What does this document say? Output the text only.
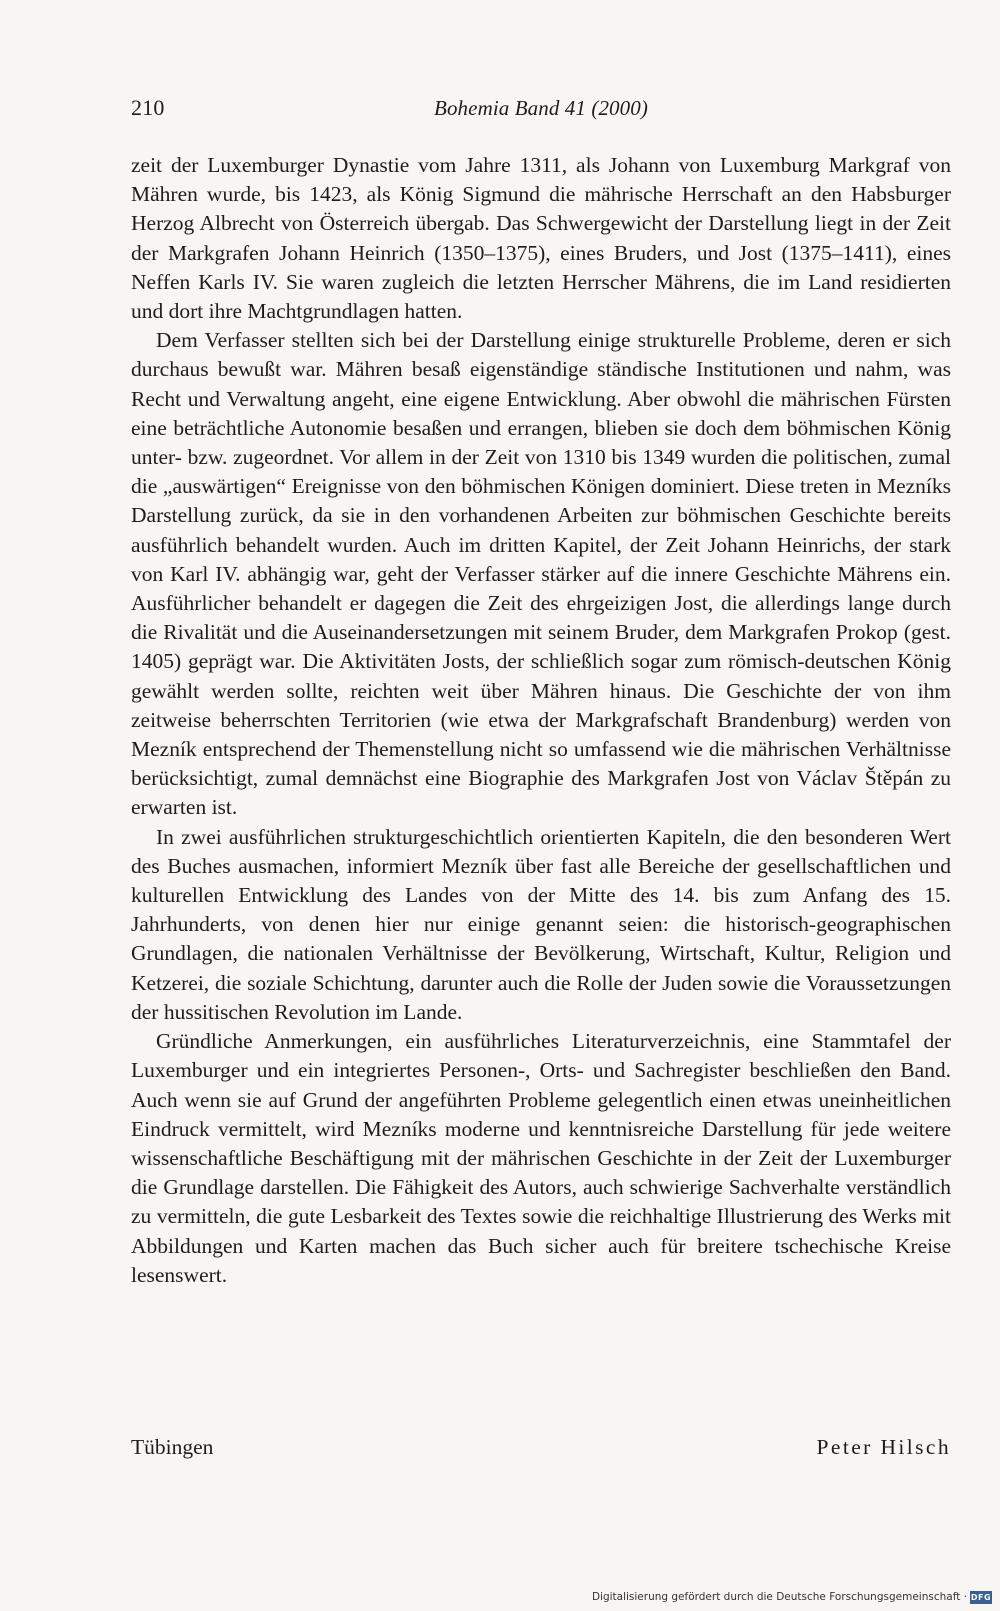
210	Bohemia Band 41 (2000)

zeit der Luxemburger Dynastie vom Jahre 1311, als Johann von Luxemburg Markgraf von Mähren wurde, bis 1423, als König Sigmund die mährische Herrschaft an den Habsburger Herzog Albrecht von Österreich übergab. Das Schwergewicht der Darstellung liegt in der Zeit der Markgrafen Johann Heinrich (1350–1375), eines Bruders, und Jost (1375–1411), eines Neffen Karls IV. Sie waren zugleich die letzten Herrscher Mährens, die im Land residierten und dort ihre Machtgrundlagen hatten.

Dem Verfasser stellten sich bei der Darstellung einige strukturelle Probleme, deren er sich durchaus bewußt war. Mähren besaß eigenständige ständische Institutionen und nahm, was Recht und Verwaltung angeht, eine eigene Entwicklung. Aber obwohl die mährischen Fürsten eine beträchtliche Autonomie besaßen und errangen, blieben sie doch dem böhmischen König unter- bzw. zugeordnet. Vor allem in der Zeit von 1310 bis 1349 wurden die politischen, zumal die „auswärtigen“ Ereignisse von den böhmischen Königen dominiert. Diese treten in Mezníks Darstellung zurück, da sie in den vorhandenen Arbeiten zur böhmischen Geschichte bereits ausführlich behandelt wurden. Auch im dritten Kapitel, der Zeit Johann Heinrichs, der stark von Karl IV. abhängig war, geht der Verfasser stärker auf die innere Geschichte Mährens ein. Ausführlicher behandelt er dagegen die Zeit des ehrgeizigen Jost, die allerdings lange durch die Rivalität und die Auseinandersetzungen mit seinem Bruder, dem Markgrafen Prokop (gest. 1405) geprägt war. Die Aktivitäten Josts, der schließlich sogar zum römisch-deutschen König gewählt werden sollte, reichten weit über Mähren hinaus. Die Geschichte der von ihm zeitweise beherrschten Territorien (wie etwa der Markgrafschaft Brandenburg) werden von Mezník entsprechend der Themenstellung nicht so umfassend wie die mährischen Verhältnisse berücksichtigt, zumal demnächst eine Biographie des Markgrafen Jost von Václav Štěpán zu erwarten ist.

In zwei ausführlichen strukturgeschichtlich orientierten Kapiteln, die den besonderen Wert des Buches ausmachen, informiert Mezník über fast alle Bereiche der gesellschaftlichen und kulturellen Entwicklung des Landes von der Mitte des 14. bis zum Anfang des 15. Jahrhunderts, von denen hier nur einige genannt seien: die historisch-geographischen Grundlagen, die nationalen Verhältnisse der Bevölkerung, Wirtschaft, Kultur, Religion und Ketzerei, die soziale Schichtung, darunter auch die Rolle der Juden sowie die Voraussetzungen der hussitischen Revolution im Lande.

Gründliche Anmerkungen, ein ausführliches Literaturverzeichnis, eine Stammtafel der Luxemburger und ein integriertes Personen-, Orts- und Sachregister beschließen den Band. Auch wenn sie auf Grund der angeführten Probleme gelegentlich einen etwas uneinheitlichen Eindruck vermittelt, wird Mezníks moderne und kenntnisreiche Darstellung für jede weitere wissenschaftliche Beschäftigung mit der mährischen Geschichte in der Zeit der Luxemburger die Grundlage darstellen. Die Fähigkeit des Autors, auch schwierige Sachverhalte verständlich zu vermitteln, die gute Lesbarkeit des Textes sowie die reichhaltige Illustrierung des Werks mit Abbildungen und Karten machen das Buch sicher auch für breitere tschechische Kreise lesenswert.

Tübingen	Peter Hilsch
Digitalisierung gefördert durch die Deutsche Forschungsgemeinschaft · DFG
